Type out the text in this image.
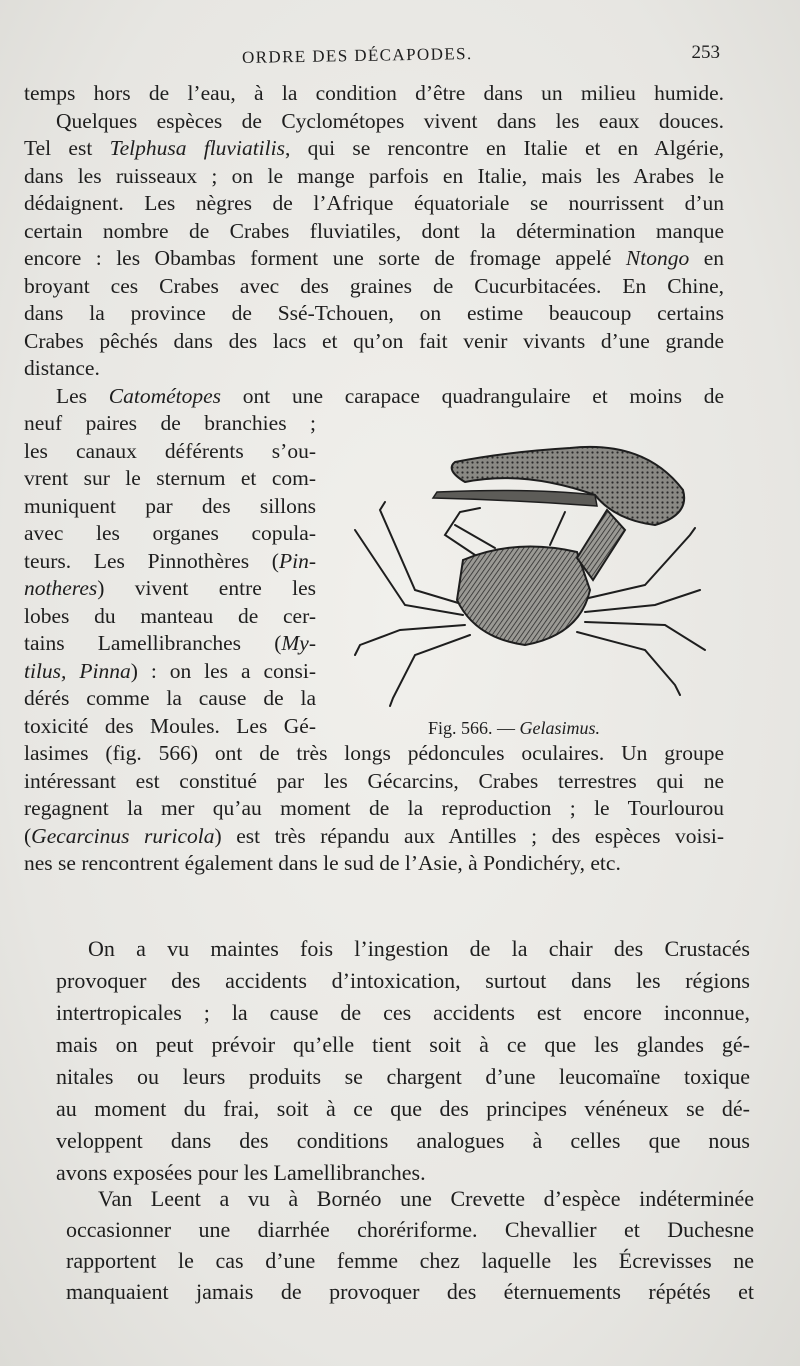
ORDRE DES DÉCAPODES.	253
temps hors de l’eau, à la condition d’être dans un milieu humide.
Quelques espèces de Cyclométopes vivent dans les eaux douces.
Tel est Telphusa fluviatilis, qui se rencontre en Italie et en Algérie,
dans les ruisseaux ; on le mange parfois en Italie, mais les Arabes le
dédaignent. Les nègres de l’Afrique équatoriale se nourrissent d’un
certain nombre de Crabes fluviatiles, dont la détermination manque
encore : les Obambas forment une sorte de fromage appelé Ntongo en
broyant ces Crabes avec des graines de Cucurbitacées. En Chine,
dans la province de Ssé-Tchouen, on estime beaucoup certains
Crabes pêchés dans des lacs et qu’on fait venir vivants d’une grande
distance.
Les Catométopes ont une carapace quadrangulaire et moins de
neuf paires de branchies ;
les canaux déférents s’ou-
vrent sur le sternum et com-
muniquent par des sillons
avec les organes copula-
teurs. Les Pinnothères (Pin-
notheres) vivent entre les
lobes du manteau de cer-
tains Lamellibranches (My-
tilus, Pinna) : on les a consi-
dérés comme la cause de la
toxicité des Moules. Les Gé-
lasimes (fig. 566) ont de très longs pédoncules oculaires. Un groupe
intéressant est constitué par les Gécarcins, Crabes terrestres qui ne
regagnent la mer qu’au moment de la reproduction ; le Tourlourou
(Gecarcinus ruricola) est très répandu aux Antilles ; des espèces voisi-
nes se rencontrent également dans le sud de l’Asie, à Pondichéry, etc.
Fig. 566. — Gelasimus.
On a vu maintes fois l’ingestion de la chair des Crustacés
provoquer des accidents d’intoxication, surtout dans les régions
intertropicales ; la cause de ces accidents est encore inconnue,
mais on peut prévoir qu’elle tient soit à ce que les glandes gé-
nitales ou leurs produits se chargent d’une leucomaïne toxique
au moment du frai, soit à ce que des principes vénéneux se dé-
veloppent dans des conditions analogues à celles que nous
avons exposées pour les Lamellibranches.
Van Leent a vu à Bornéo une Crevette d’espèce indéterminée
occasionner une diarrhée chorériforme. Chevallier et Duchesne
rapportent le cas d’une femme chez laquelle les Écrevisses ne
manquaient jamais de provoquer des éternuements répétés et
